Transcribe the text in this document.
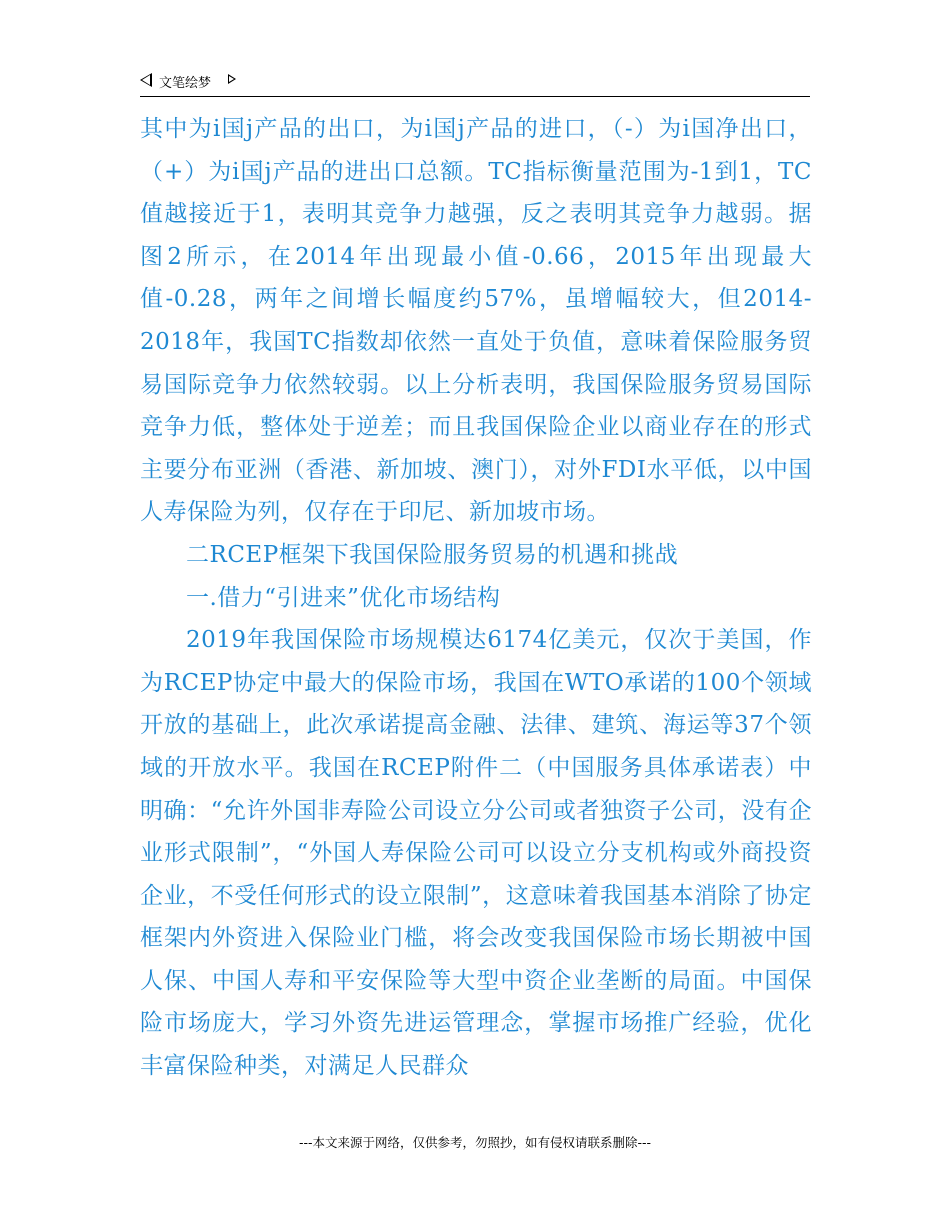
文笔绘梦

其中为i国j产品的出口，为i国j产品的进口，（-）为i国净出口，（+）为i国j产品的进出口总额。TC指标衡量范围为-1到1，TC值越接近于1，表明其竞争力越强，反之表明其竞争力越弱。据图2所示，在2014年出现最小值-0.66，2015年出现最大值-0.28，两年之间增长幅度约57%，虽增幅较大，但2014-2018年，我国TC指数却依然一直处于负值，意味着保险服务贸易国际竞争力依然较弱。以上分析表明，我国保险服务贸易国际竞争力低，整体处于逆差；而且我国保险企业以商业存在的形式主要分布亚洲（香港、新加坡、澳门），对外FDI水平低，以中国人寿保险为列，仅存在于印尼、新加坡市场。

二RCEP框架下我国保险服务贸易的机遇和挑战

一.借力“引进来”优化市场结构

2019年我国保险市场规模达6174亿美元，仅次于美国，作为RCEP协定中最大的保险市场，我国在WTO承诺的100个领域开放的基础上，此次承诺提高金融、法律、建筑、海运等37个领域的开放水平。我国在RCEP附件二（中国服务具体承诺表）中明确：“允许外国非寿险公司设立分公司或者独资子公司，没有企业形式限制”，“外国人寿保险公司可以设立分支机构或外商投资企业，不受任何形式的设立限制”，这意味着我国基本消除了协定框架内外资进入保险业门槛，将会改变我国保险市场长期被中国人保、中国人寿和平安保险等大型中资企业垄断的局面。中国保险市场庞大，学习外资先进运管理念，掌握市场推广经验，优化丰富保险种类，对满足人民群众

---本文来源于网络，仅供参考，勿照抄，如有侵权请联系删除---
